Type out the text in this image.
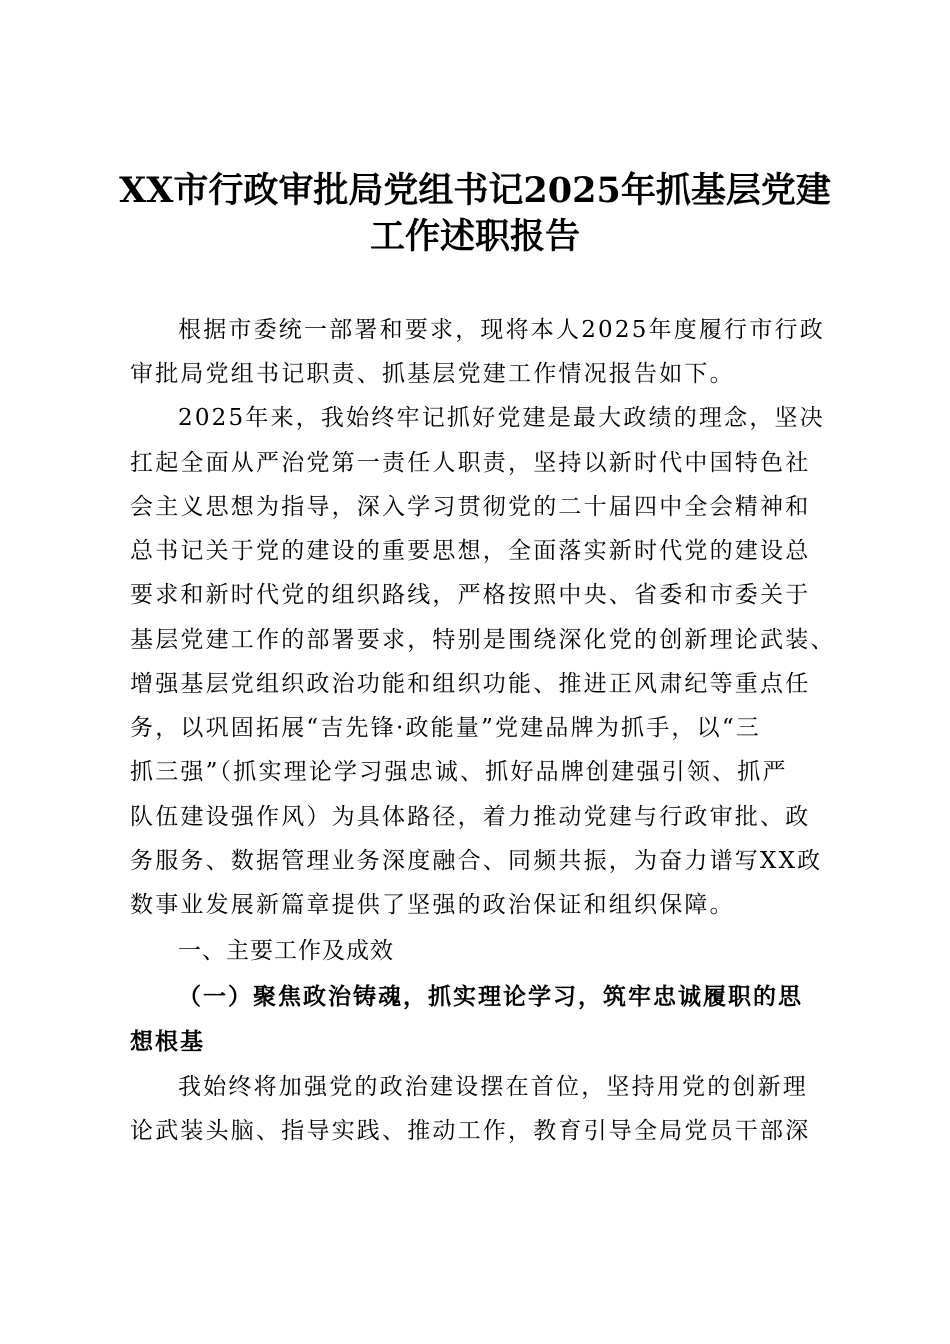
XX市行政审批局党组书记2025年抓基层党建
工作述职报告
根据市委统一部署和要求，现将本人2025年度履行市行政
审批局党组书记职责、抓基层党建工作情况报告如下。
2025年来，我始终牢记抓好党建是最大政绩的理念，坚决
扛起全面从严治党第一责任人职责，坚持以新时代中国特色社
会主义思想为指导，深入学习贯彻党的二十届四中全会精神和
总书记关于党的建设的重要思想，全面落实新时代党的建设总
要求和新时代党的组织路线，严格按照中央、省委和市委关于
基层党建工作的部署要求，特别是围绕深化党的创新理论武装、
增强基层党组织政治功能和组织功能、推进正风肃纪等重点任
务，以巩固拓展“吉先锋·政能量”党建品牌为抓手，以“三
抓三强”（抓实理论学习强忠诚、抓好品牌创建强引领、抓严
队伍建设强作风）为具体路径，着力推动党建与行政审批、政
务服务、数据管理业务深度融合、同频共振，为奋力谱写XX政
数事业发展新篇章提供了坚强的政治保证和组织保障。
一、主要工作及成效
（一）聚焦政治铸魂，抓实理论学习，筑牢忠诚履职的思
想根基
我始终将加强党的政治建设摆在首位，坚持用党的创新理
论武装头脑、指导实践、推动工作，教育引导全局党员干部深
